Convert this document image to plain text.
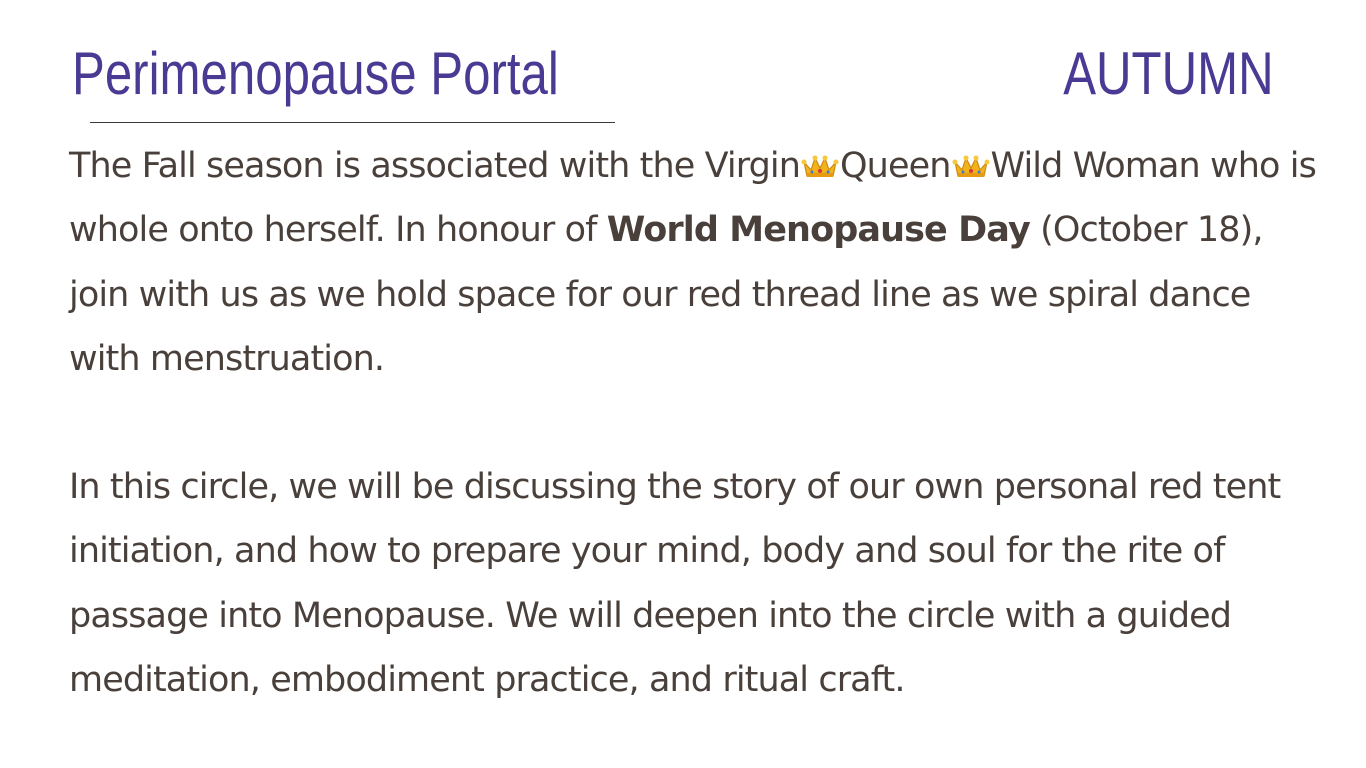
Perimenopause Portal	AUTUMN

The Fall season is associated with the Virgin Queen Wild Woman who is whole onto herself. In honour of World Menopause Day (October 18), join with us as we hold space for our red thread line as we spiral dance with menstruation.

In this circle, we will be discussing the story of our own personal red tent initiation, and how to prepare your mind, body and soul for the rite of passage into Menopause. We will deepen into the circle with a guided meditation, embodiment practice, and ritual craft.
